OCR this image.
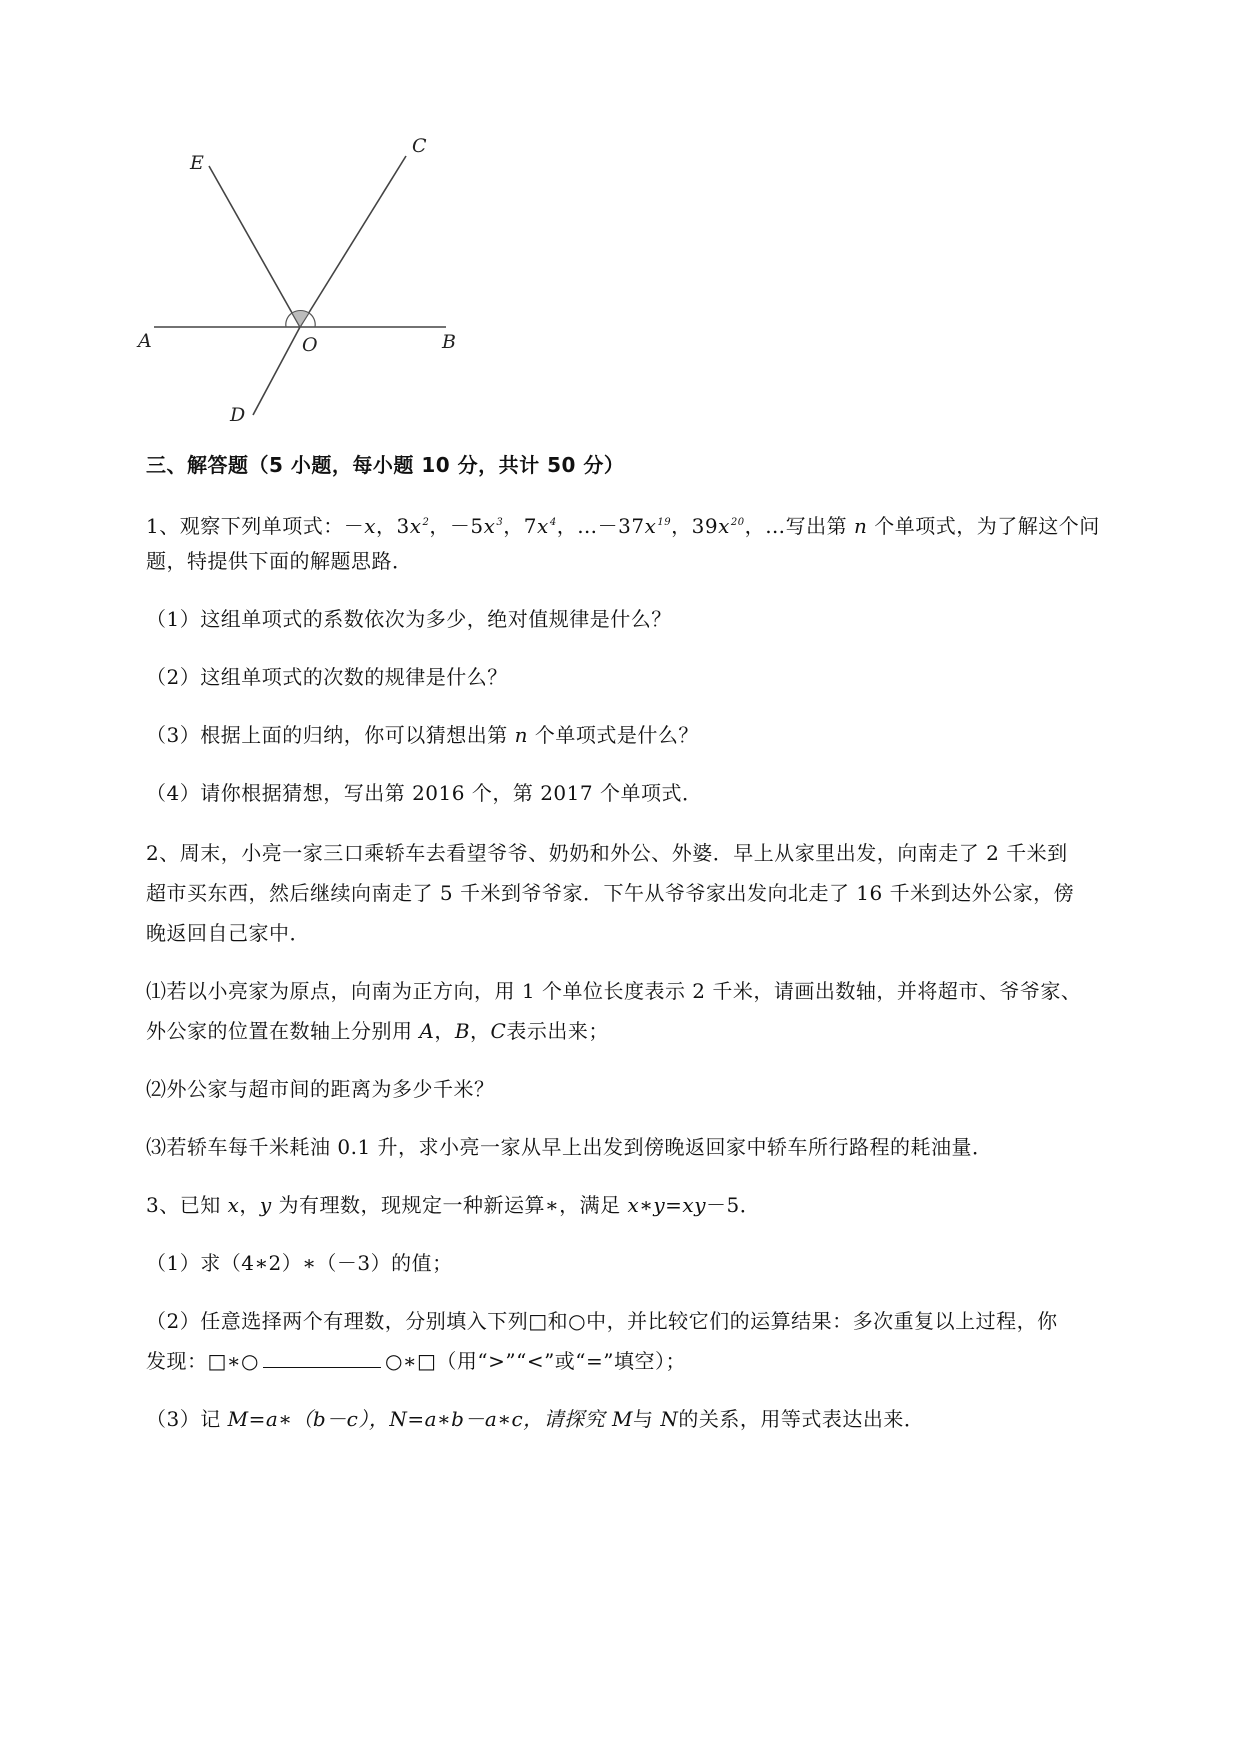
A	B
C
D
E
O
三、解答题（5 小题，每小题 10 分，共计 50 分）
1、观察下列单项式：－x，$3x^2$，$-5x^3$，$7x^4$，$\dots-37x^{19}$，$39x^{20}$，…写出第 n 个单项式，为了解这个问
题，特提供下面的解题思路．
（1）这组单项式的系数依次为多少，绝对值规律是什么？
（2）这组单项式的次数的规律是什么？
（3）根据上面的归纳，你可以猜想出第 n 个单项式是什么？
（4）请你根据猜想，写出第 2016 个，第 2017 个单项式．
2、周末，小亮一家三口乘轿车去看望爷爷、奶奶和外公、外婆．早上从家里出发，向南走了 2 千米到
超市买东西，然后继续向南走了 5 千米到爷爷家．下午从爷爷家出发向北走了 16 千米到达外公家，傍
晚返回自己家中．
⑴若以小亮家为原点，向南为正方向，用 1 个单位长度表示 2 千米，请画出数轴，并将超市、爷爷家、
外公家的位置在数轴上分别用 A，B，C表示出来；
⑵外公家与超市间的距离为多少千米？
⑶若轿车每千米耗油 0.1 升，求小亮一家从早上出发到傍晚返回家中轿车所行路程的耗油量．
3、已知 x，y 为有理数，现规定一种新运算∗，满足 x∗y=xy－5．
（1）求（4∗2）∗（－3）的值；
（2）任意选择两个有理数，分别填入下列□和○中，并比较它们的运算结果：多次重复以上过程，你
发现：□∗○	○∗□（用“>”“<”或“=”填空）；
（3）记 M=a∗（b－c），N=a∗b－a∗c，请探究 M与 N的关系，用等式表达出来．
